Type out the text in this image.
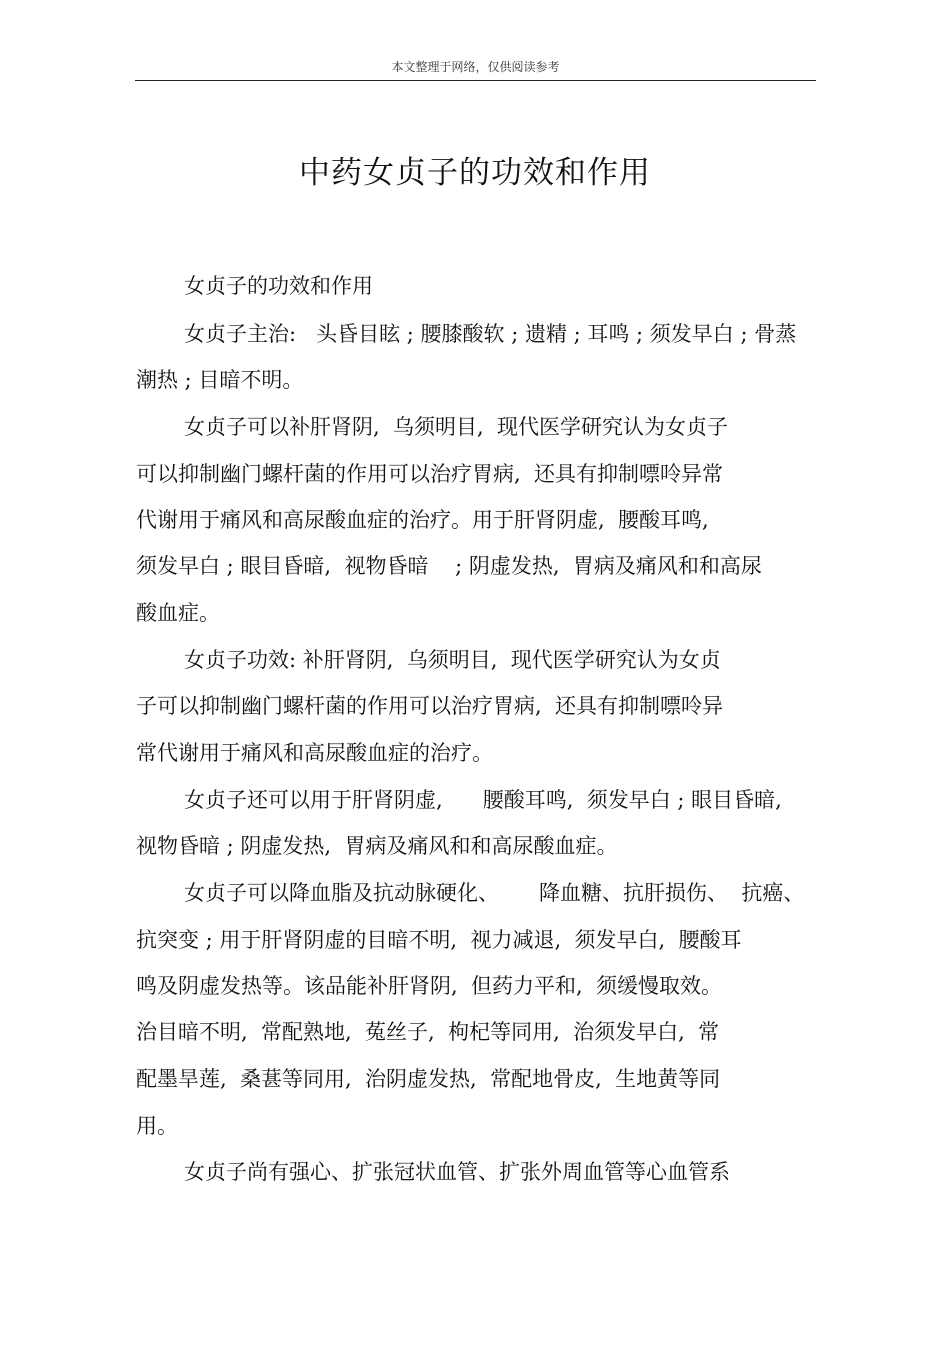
本文整理于网络，仅供阅读参考
中药女贞子的功效和作用
女贞子的功效和作用
女贞子主治:   头昏目眩 ; 腰膝酸软 ; 遗精 ; 耳鸣 ; 须发早白 ; 骨蒸
潮热 ; 目暗不明。
女贞子可以补肝肾阴,  乌须明目,  现代医学研究认为女贞子
可以抑制幽门螺杆菌的作用可以治疗胃病,  还具有抑制嘌呤异常
代谢用于痛风和高尿酸血症的治疗。用于肝肾阴虚,  腰酸耳鸣,
须发早白 ; 眼目昏暗,  视物昏暗    ; 阴虚发热,  胃病及痛风和和高尿
酸血症。
女贞子功效: 补肝肾阴,  乌须明目,  现代医学研究认为女贞
子可以抑制幽门螺杆菌的作用可以治疗胃病,  还具有抑制嘌呤异
常代谢用于痛风和高尿酸血症的治疗。
女贞子还可以用于肝肾阴虚,      腰酸耳鸣,  须发早白 ; 眼目昏暗,
视物昏暗 ; 阴虚发热,  胃病及痛风和和高尿酸血症。
女贞子可以降血脂及抗动脉硬化、      降血糖、抗肝损伤、  抗癌、
抗突变 ; 用于肝肾阴虚的目暗不明,  视力减退,  须发早白,  腰酸耳
鸣及阴虚发热等。该品能补肝肾阴,  但药力平和,  须缓慢取效。
治目暗不明,  常配熟地,  菟丝子,  枸杞等同用,  治须发早白,  常
配墨旱莲,  桑葚等同用,  治阴虚发热,  常配地骨皮,  生地黄等同
用。
女贞子尚有强心、扩张冠状血管、扩张外周血管等心血管系
